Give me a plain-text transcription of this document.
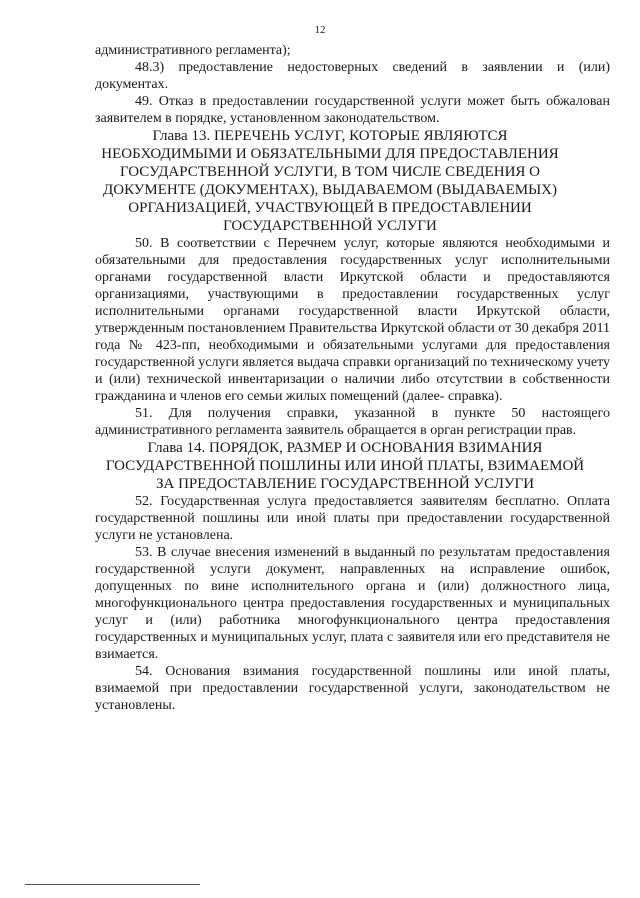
12

административного регламента);

48.3) предоставление недостоверных сведений в заявлении и (или) документах.

49. Отказ в предоставлении государственной услуги может быть обжалован заявителем в порядке, установленном законодательством.

Глава 13. ПЕРЕЧЕНЬ УСЛУГ, КОТОРЫЕ ЯВЛЯЮТСЯ НЕОБХОДИМЫМИ И ОБЯЗАТЕЛЬНЫМИ ДЛЯ ПРЕДОСТАВЛЕНИЯ ГОСУДАРСТВЕННОЙ УСЛУГИ, В ТОМ ЧИСЛЕ СВЕДЕНИЯ О ДОКУМЕНТЕ (ДОКУМЕНТАХ), ВЫДАВАЕМОМ (ВЫДАВАЕМЫХ) ОРГАНИЗАЦИЕЙ, УЧАСТВУЮЩЕЙ В ПРЕДОСТАВЛЕНИИ ГОСУДАРСТВЕННОЙ УСЛУГИ

50. В соответствии с Перечнем услуг, которые являются необходимыми и обязательными для предоставления государственных услуг исполнительными органами государственной власти Иркутской области и предоставляются организациями, участвующими в предоставлении государственных услуг исполнительными органами государственной власти Иркутской области, утвержденным постановлением Правительства Иркутской области от 30 декабря 2011 года № 423-пп, необходимыми и обязательными услугами для предоставления государственной услуги является выдача справки организаций по техническому учету и (или) технической инвентаризации о наличии либо отсутствии в собственности гражданина и членов его семьи жилых помещений (далее- справка).

51. Для получения справки, указанной в пункте 50 настоящего административного регламента заявитель обращается в орган регистрации прав.

Глава 14. ПОРЯДОК, РАЗМЕР И ОСНОВАНИЯ ВЗИМАНИЯ ГОСУДАРСТВЕННОЙ ПОШЛИНЫ ИЛИ ИНОЙ ПЛАТЫ, ВЗИМАЕМОЙ ЗА ПРЕДОСТАВЛЕНИЕ ГОСУДАРСТВЕННОЙ УСЛУГИ

52. Государственная услуга предоставляется заявителям бесплатно. Оплата государственной пошлины или иной платы при предоставлении государственной услуги не установлена.

53. В случае внесения изменений в выданный по результатам предоставления государственной услуги документ, направленных на исправление ошибок, допущенных по вине исполнительного органа и (или) должностного лица, многофункционального центра предоставления государственных и муниципальных услуг и (или) работника многофункционального центра предоставления государственных и муниципальных услуг, плата с заявителя или его представителя не взимается.

54. Основания взимания государственной пошлины или иной платы, взимаемой при предоставлении государственной услуги, законодательством не установлены.
